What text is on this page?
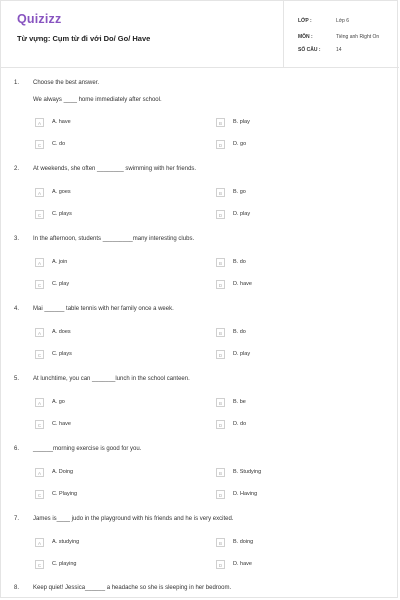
Quizizz
Từ vựng: Cụm từ đi với Do/ Go/ Have
LỚP :	Lớp 6
MÔN :	Tiếng anh Right On
SỐ CÂU :	14
1. Choose the best answer.
We always ____ home immediately after school.
A	A. have	B	B. play
C	C. do	D	D. go
2. At weekends, she often ________ swimming with her friends.
A	A. goes	B	B. go
C	C. plays	D	D. play
3. In the afternoon, students _________many interesting clubs.
A	A. join	B	B. do
C	C. play	D	D. have
4. Mai ______ table tennis with her family once a week.
A	A. does	B	B. do
C	C. plays	D	D. play
5. At lunchtime, you can _______lunch in the school canteen.
A	A. go	B	B. be
C	C. have	D	D. do
6. ______morning exercise is good for you.
A	A. Doing	B	B. Studying
C	C. Playing	D	D. Having
7. James is____ judo in the playground with his friends and he is very excited.
A	A. studying	B	B. doing
C	C. playing	D	D. have
8. Keep quiet! Jessica______ a headache so she is sleeping in her bedroom.
